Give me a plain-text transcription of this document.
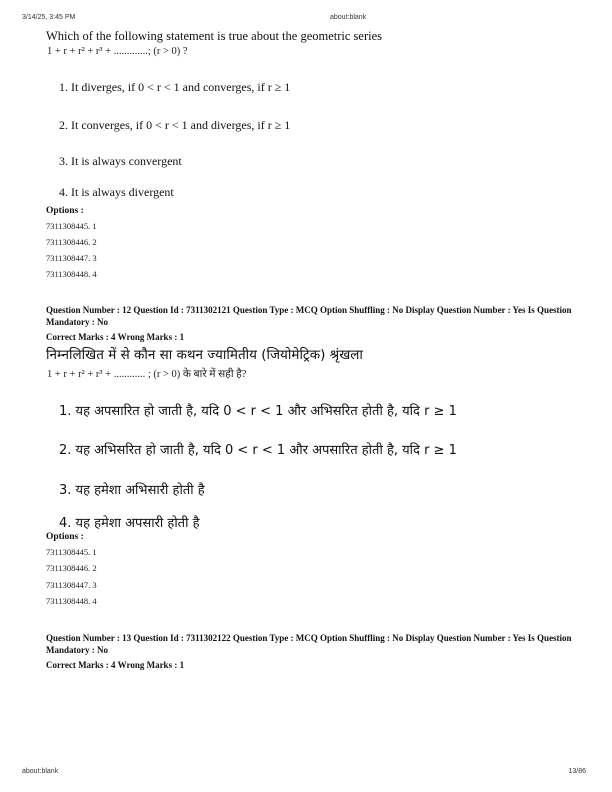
3/14/25, 3:45 PM	about:blank
Which of the following statement is true about the geometric series
1 + r + r² + r³ + .............; (r > 0) ?
1. It diverges, if 0 < r < 1 and converges, if r ≥ 1
2. It converges, if 0 < r < 1 and diverges, if r ≥ 1
3. It is always convergent
4. It is always divergent
Options :
7311308445. 1
7311308446. 2
7311308447. 3
7311308448. 4
Question Number : 12 Question Id : 7311302121 Question Type : MCQ Option Shuffling : No Display Question Number : Yes Is Question Mandatory : No
Correct Marks : 4 Wrong Marks : 1
निम्नलिखित में से कौन सा कथन ज्यामितीय (जियोमेट्रिक) श्रृंखला
1 + r + r² + r³ + ............ ; (r > 0) के बारे में सही है?
1. यह अपसारित हो जाती है, यदि 0 < r < 1 और अभिसरित होती है, यदि r ≥ 1
2. यह अभिसरित हो जाती है, यदि 0 < r < 1 और अपसारित होती है, यदि r ≥ 1
3. यह हमेशा अभिसारी होती है
4. यह हमेशा अपसारी होती है
Options :
7311308445. 1
7311308446. 2
7311308447. 3
7311308448. 4
Question Number : 13 Question Id : 7311302122 Question Type : MCQ Option Shuffling : No Display Question Number : Yes Is Question Mandatory : No
Correct Marks : 4 Wrong Marks : 1
about:blank	13/86
